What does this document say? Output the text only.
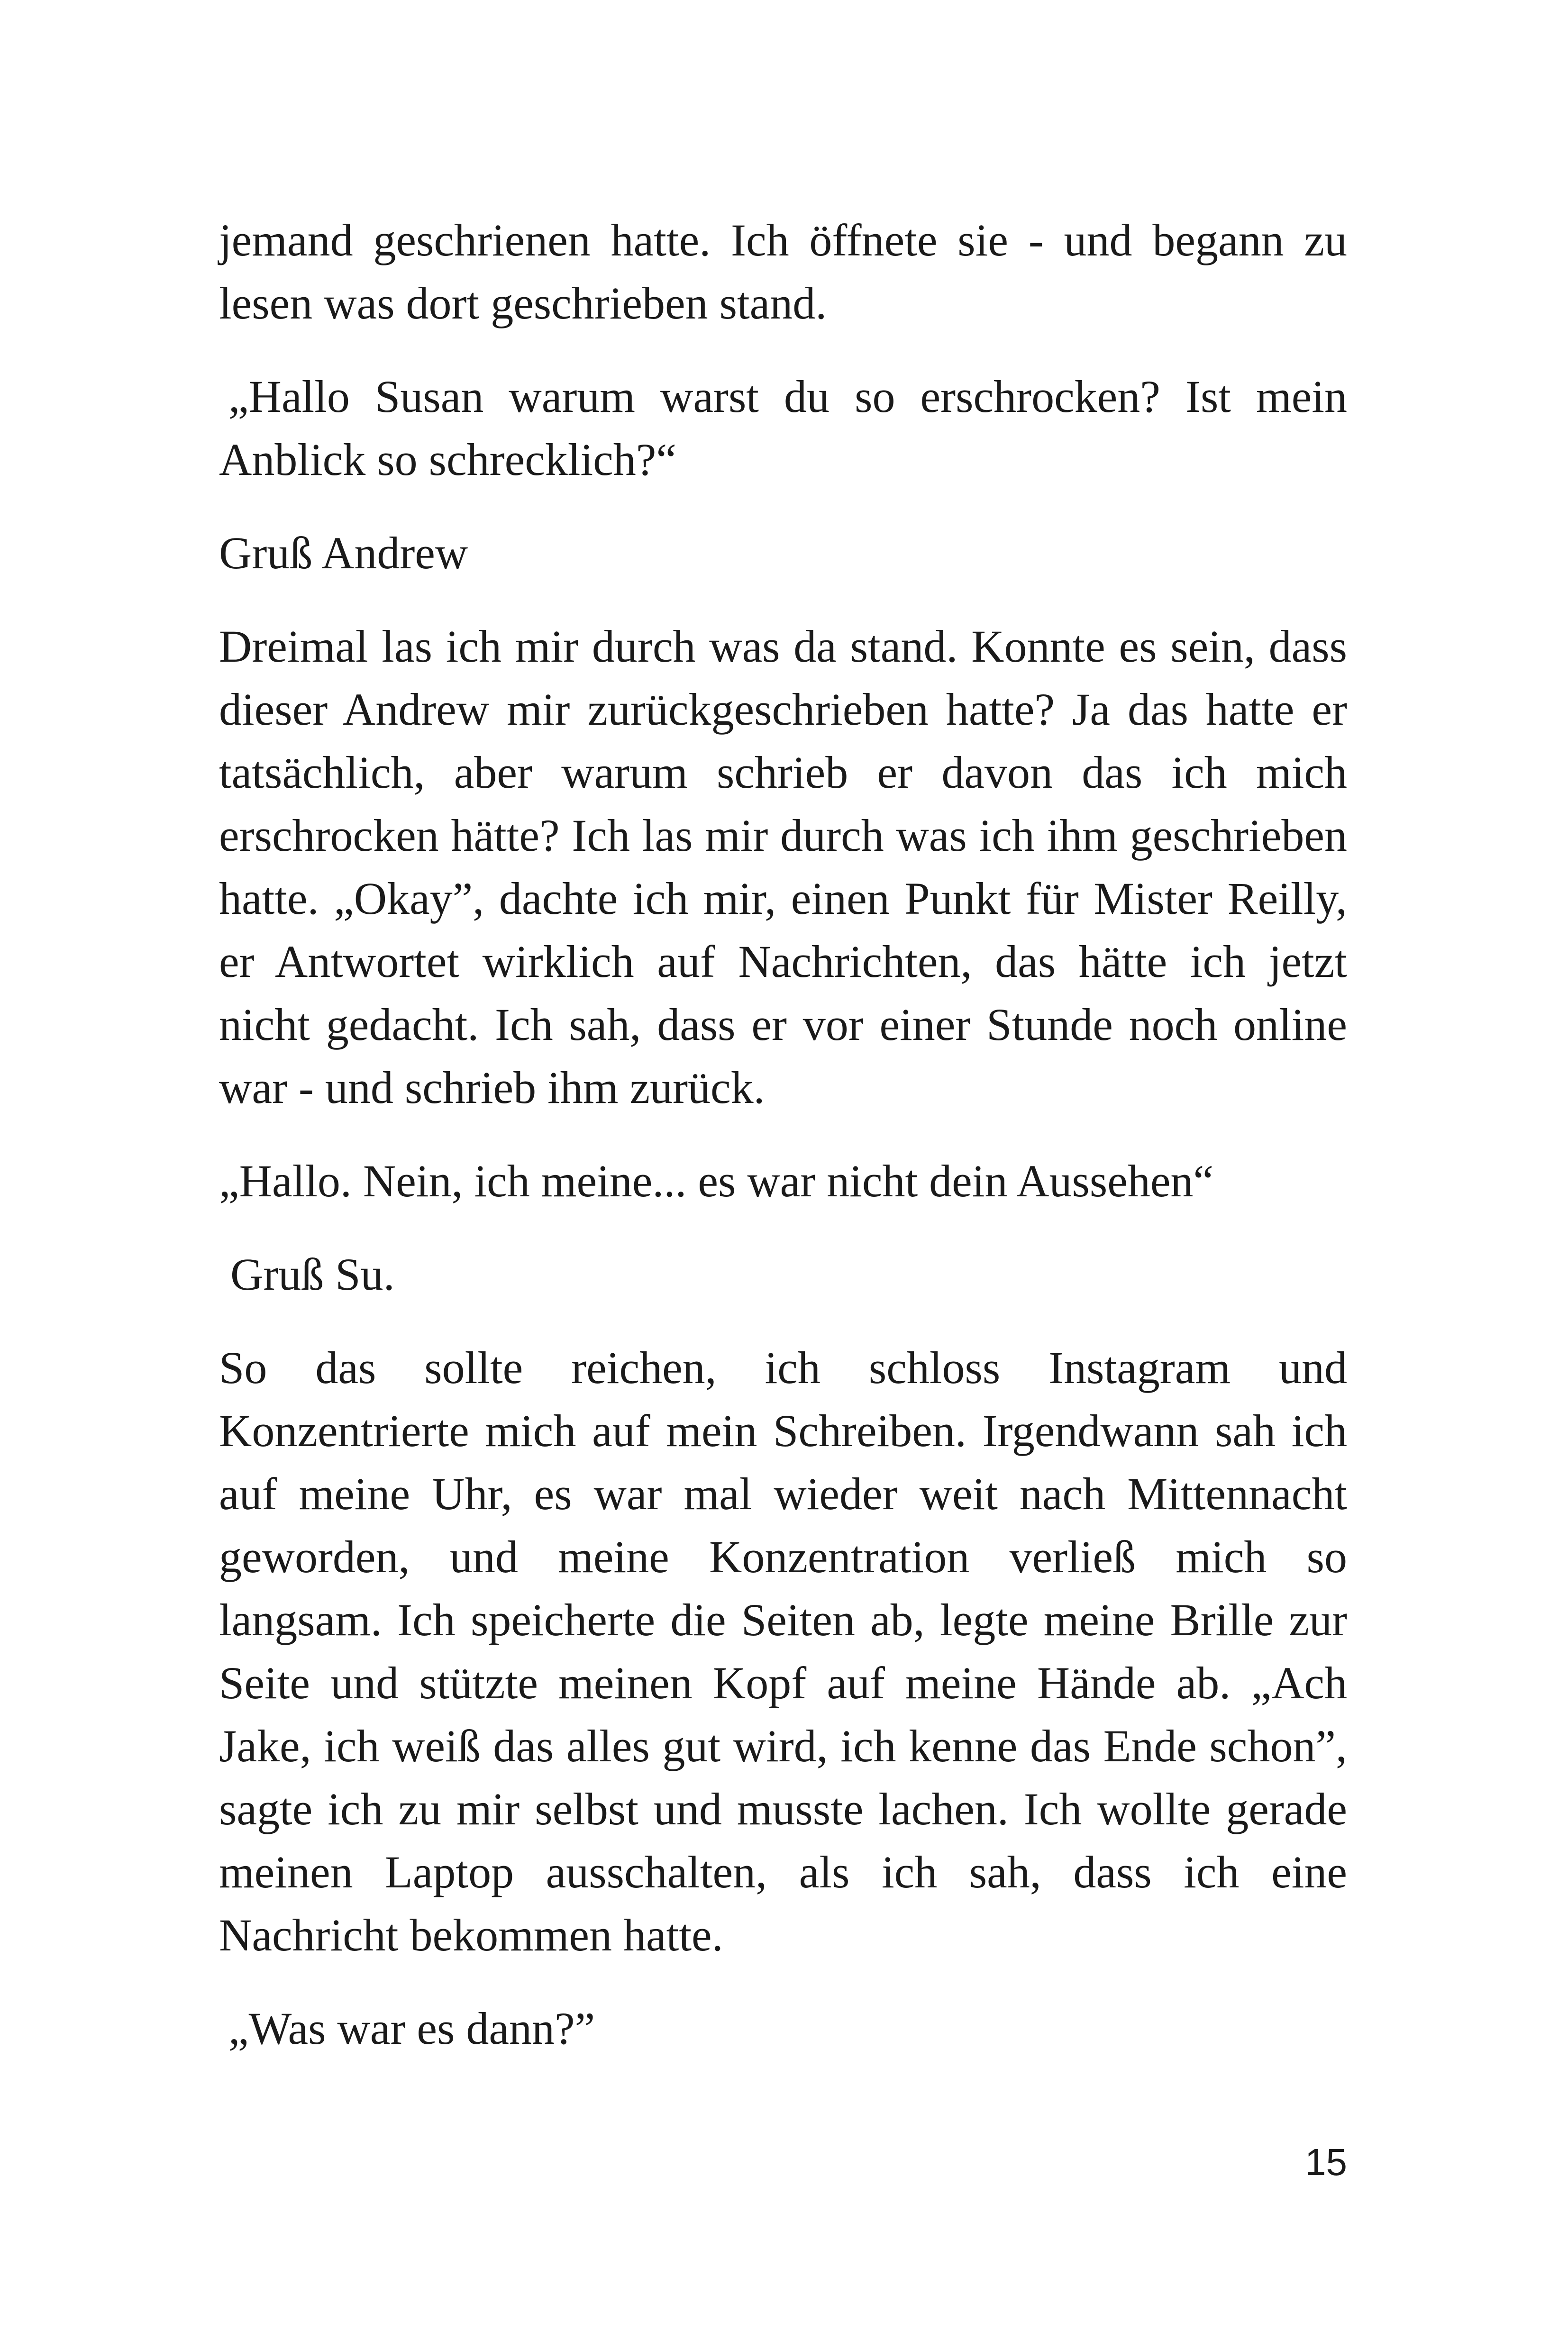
jemand geschrienen hatte. Ich öffnete sie - und begann zu lesen was dort geschrieben stand.

„Hallo Susan warum warst du so erschrocken? Ist mein Anblick so schrecklich?“

Gruß Andrew

Dreimal las ich mir durch was da stand. Konnte es sein, dass dieser Andrew mir zurückgeschrieben hatte? Ja das hatte er tatsächlich, aber warum schrieb er davon das ich mich erschrocken hätte? Ich las mir durch was ich ihm geschrieben hatte. „Okay”, dachte ich mir, einen Punkt für Mister Reilly, er Antwortet wirklich auf Nachrichten, das hätte ich jetzt nicht gedacht. Ich sah, dass er vor einer Stunde noch online war - und schrieb ihm zurück.

„Hallo. Nein, ich meine... es war nicht dein Aussehen“

Gruß Su.

So das sollte reichen, ich schloss Instagram und Konzentrierte mich auf mein Schreiben. Irgendwann sah ich auf meine Uhr, es war mal wieder weit nach Mittennacht geworden, und meine Konzentration verließ mich so langsam. Ich speicherte die Seiten ab, legte meine Brille zur Seite und stützte meinen Kopf auf meine Hände ab. „Ach Jake, ich weiß das alles gut wird, ich kenne das Ende schon”, sagte ich zu mir selbst und musste lachen. Ich wollte gerade meinen Laptop ausschalten, als ich sah, dass ich eine Nachricht bekommen hatte.

„Was war es dann?”

15
